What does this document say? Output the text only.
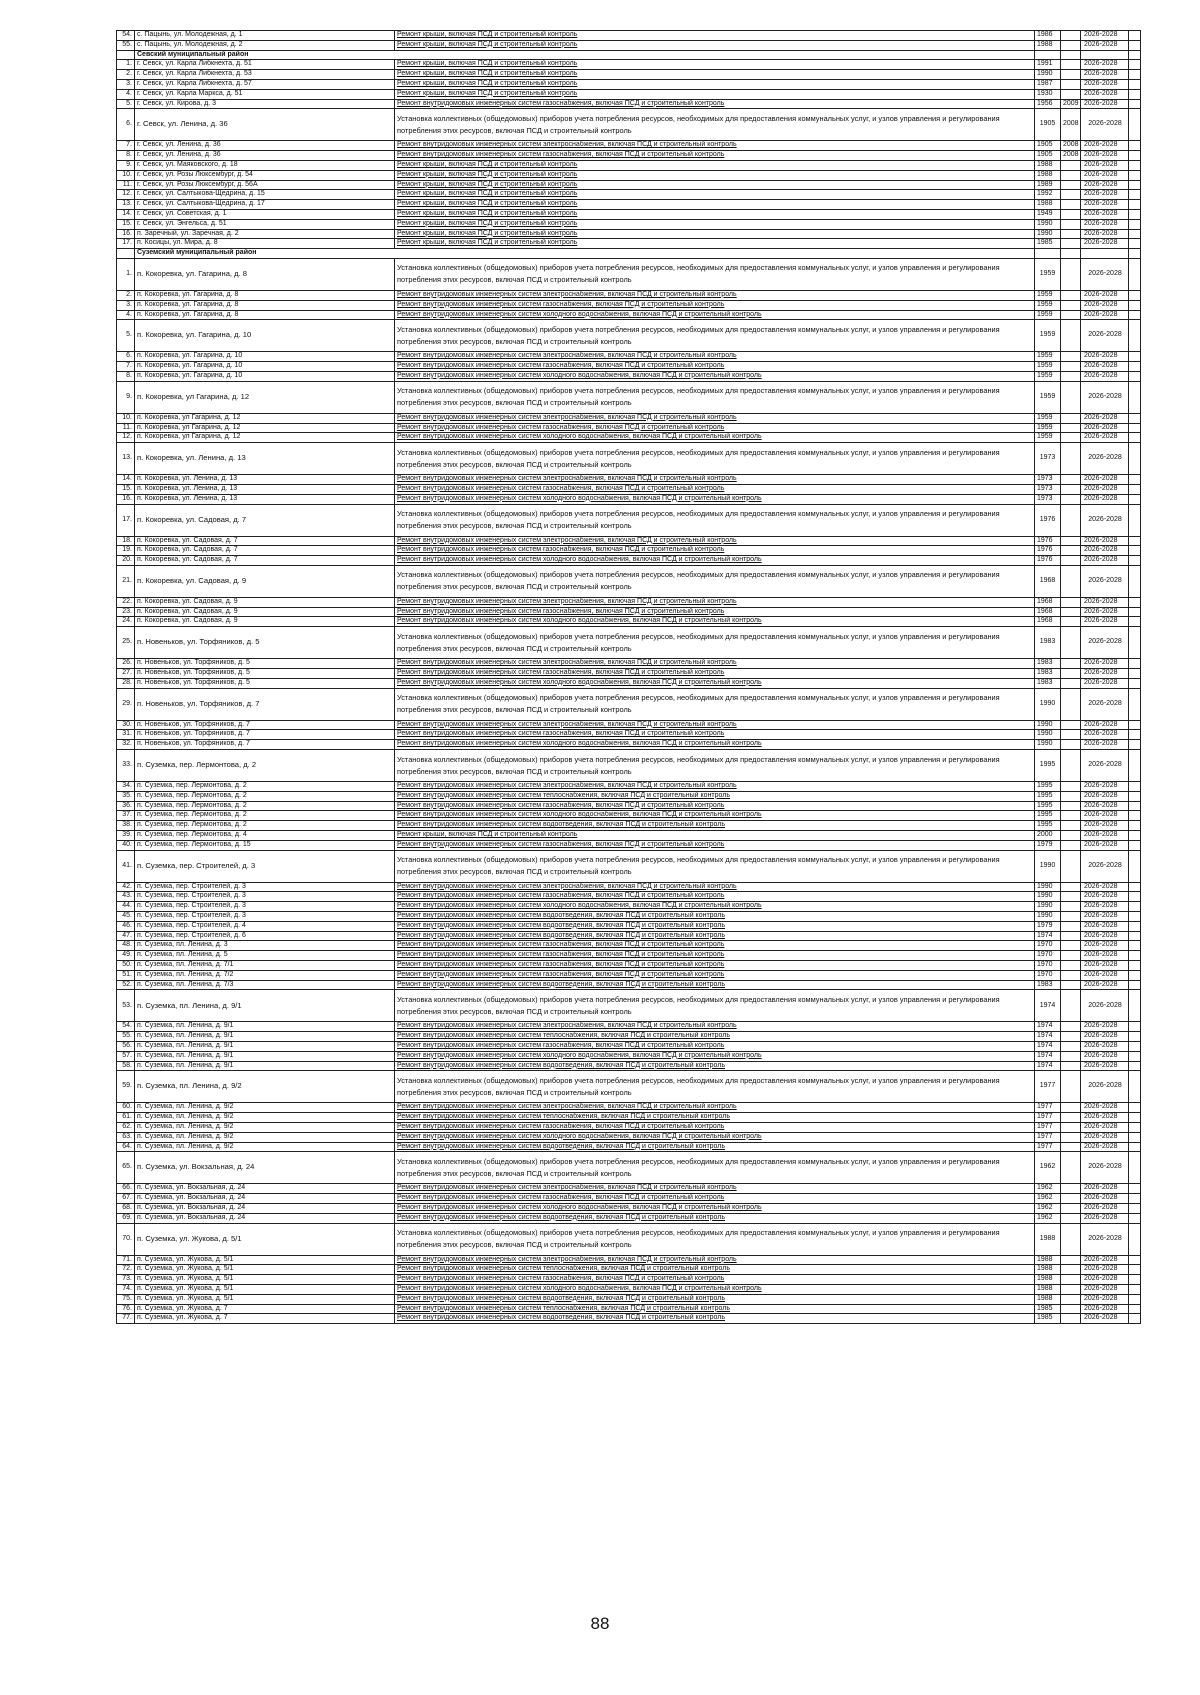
54.	с. Пацынь, ул. Молодежная, д. 1	Ремонт крыши, включая ПСД и строительный контроль	1986		2026-2028	
55.	с. Пацынь, ул. Молодежная, д. 2	Ремонт крыши, включая ПСД и строительный контроль	1988		2026-2028	
	Севский муниципальный район					
1.	г. Севск, ул. Карла Либкнехта, д. 51	Ремонт крыши, включая ПСД и строительный контроль	1991		2026-2028	
2.	г. Севск, ул. Карла Либкнехта, д. 53	Ремонт крыши, включая ПСД и строительный контроль	1990		2026-2028	
3.	г. Севск, ул. Карла Либкнехта, д. 57	Ремонт крыши, включая ПСД и строительный контроль	1987		2026-2028	
4.	г. Севск, ул. Карла Маркса, д. 51	Ремонт крыши, включая ПСД и строительный контроль	1930		2026-2028	
5.	г. Севск, ул. Кирова, д. 3	Ремонт внутридомовых инженерных систем газоснабжения, включая ПСД и строительный контроль	1956	2009	2026-2028	
6.	г. Севск, ул. Ленина, д. 36	Установка коллективных (общедомовых) приборов учета потребления ресурсов, необходимых для предоставления коммунальных услуг, и узлов управления и регулирования потребления этих ресурсов, включая ПСД и строительный контроль	1905	2008	2026-2028	
7.	г. Севск, ул. Ленина, д. 36	Ремонт внутридомовых инженерных систем электроснабжения, включая ПСД и строительный контроль	1905	2008	2026-2028	
8.	г. Севск, ул. Ленина, д. 36	Ремонт внутридомовых инженерных систем газоснабжения, включая ПСД и строительный контроль	1905	2008	2026-2028	
9.	г. Севск, ул. Маяковского, д. 18	Ремонт крыши, включая ПСД и строительный контроль	1988		2026-2028	
10.	г. Севск, ул. Розы Люксембург, д. 54	Ремонт крыши, включая ПСД и строительный контроль	1988		2026-2028	
11.	г. Севск, ул. Розы Люксембург, д. 56А	Ремонт крыши, включая ПСД и строительный контроль	1989		2026-2028	
12.	г. Севск, ул. Салтыкова-Щедрина, д. 15	Ремонт крыши, включая ПСД и строительный контроль	1992		2026-2028	
13.	г. Севск, ул. Салтыкова-Щедрина, д. 17	Ремонт крыши, включая ПСД и строительный контроль	1988		2026-2028	
14.	г. Севск, ул. Советская, д. 1	Ремонт крыши, включая ПСД и строительный контроль	1949		2026-2028	
15.	г. Севск, ул. Энгельса, д. 51	Ремонт крыши, включая ПСД и строительный контроль	1990		2026-2028	
16.	п. Заречный, ул. Заречная, д. 2	Ремонт крыши, включая ПСД и строительный контроль	1990		2026-2028	
17.	п. Косицы, ул. Мира, д. 8	Ремонт крыши, включая ПСД и строительный контроль	1985		2026-2028	
	Суземский муниципальный район					
1.	п. Кокоревка, ул. Гагарина, д. 8	Установка коллективных (общедомовых) приборов учета потребления ресурсов, необходимых для предоставления коммунальных услуг, и узлов управления и регулирования потребления этих ресурсов, включая ПСД и строительный контроль	1959		2026-2028	
2.	п. Кокоревка, ул. Гагарина, д. 8	Ремонт внутридомовых инженерных систем электроснабжения, включая ПСД и строительный контроль	1959		2026-2028	
3.	п. Кокоревка, ул. Гагарина, д. 8	Ремонт внутридомовых инженерных систем газоснабжения, включая ПСД и строительный контроль	1959		2026-2028	
4.	п. Кокоревка, ул. Гагарина, д. 8	Ремонт внутридомовых инженерных систем холодного водоснабжения, включая ПСД и строительный контроль	1959		2026-2028	
5.	п. Кокоревка, ул. Гагарина, д. 10	Установка коллективных (общедомовых) приборов учета потребления ресурсов, необходимых для предоставления коммунальных услуг, и узлов управления и регулирования потребления этих ресурсов, включая ПСД и строительный контроль	1959		2026-2028	
6.	п. Кокоревка, ул. Гагарина, д. 10	Ремонт внутридомовых инженерных систем электроснабжения, включая ПСД и строительный контроль	1959		2026-2028	
7.	п. Кокоревка, ул. Гагарина, д. 10	Ремонт внутридомовых инженерных систем газоснабжения, включая ПСД и строительный контроль	1959		2026-2028	
8.	п. Кокоревка, ул. Гагарина, д. 10	Ремонт внутридомовых инженерных систем холодного водоснабжения, включая ПСД и строительный контроль	1959		2026-2028	
9.	п. Кокоревка, ул Гагарина, д. 12	Установка коллективных (общедомовых) приборов учета потребления ресурсов, необходимых для предоставления коммунальных услуг, и узлов управления и регулирования потребления этих ресурсов, включая ПСД и строительный контроль	1959		2026-2028	
10.	п. Кокоревка, ул Гагарина, д. 12	Ремонт внутридомовых инженерных систем электроснабжения, включая ПСД и строительный контроль	1959		2026-2028	
11.	п. Кокоревка, ул Гагарина, д. 12	Ремонт внутридомовых инженерных систем газоснабжения, включая ПСД и строительный контроль	1959		2026-2028	
12.	п. Кокоревка, ул Гагарина, д. 12	Ремонт внутридомовых инженерных систем холодного водоснабжения, включая ПСД и строительный контроль	1959		2026-2028	
13.	п. Кокоревка, ул. Ленина, д. 13	Установка коллективных (общедомовых) приборов учета потребления ресурсов, необходимых для предоставления коммунальных услуг, и узлов управления и регулирования потребления этих ресурсов, включая ПСД и строительный контроль	1973		2026-2028	
14.	п. Кокоревка, ул. Ленина, д. 13	Ремонт внутридомовых инженерных систем электроснабжения, включая ПСД и строительный контроль	1973		2026-2028	
15.	п. Кокоревка, ул. Ленина, д. 13	Ремонт внутридомовых инженерных систем газоснабжения, включая ПСД и строительный контроль	1973		2026-2028	
16.	п. Кокоревка, ул. Ленина, д. 13	Ремонт внутридомовых инженерных систем холодного водоснабжения, включая ПСД и строительный контроль	1973		2026-2028	
17.	п. Кокоревка, ул. Садовая, д. 7	Установка коллективных (общедомовых) приборов учета потребления ресурсов, необходимых для предоставления коммунальных услуг, и узлов управления и регулирования потребления этих ресурсов, включая ПСД и строительный контроль	1976		2026-2028	
18.	п. Кокоревка, ул. Садовая, д. 7	Ремонт внутридомовых инженерных систем электроснабжения, включая ПСД и строительный контроль	1976		2026-2028	
19.	п. Кокоревка, ул. Садовая, д. 7	Ремонт внутридомовых инженерных систем газоснабжения, включая ПСД и строительный контроль	1976		2026-2028	
20.	п. Кокоревка, ул. Садовая, д. 7	Ремонт внутридомовых инженерных систем холодного водоснабжения, включая ПСД и строительный контроль	1976		2026-2028	
21.	п. Кокоревка, ул. Садовая, д. 9	Установка коллективных (общедомовых) приборов учета потребления ресурсов, необходимых для предоставления коммунальных услуг, и узлов управления и регулирования потребления этих ресурсов, включая ПСД и строительный контроль	1968		2026-2028	
22.	п. Кокоревка, ул. Садовая, д. 9	Ремонт внутридомовых инженерных систем электроснабжения, включая ПСД и строительный контроль	1968		2026-2028	
23.	п. Кокоревка, ул. Садовая, д. 9	Ремонт внутридомовых инженерных систем газоснабжения, включая ПСД и строительный контроль	1968		2026-2028	
24.	п. Кокоревка, ул. Садовая, д. 9	Ремонт внутридомовых инженерных систем холодного водоснабжения, включая ПСД и строительный контроль	1968		2026-2028	
25.	п. Новеньков, ул. Торфяников, д. 5	Установка коллективных (общедомовых) приборов учета потребления ресурсов, необходимых для предоставления коммунальных услуг, и узлов управления и регулирования потребления этих ресурсов, включая ПСД и строительный контроль	1983		2026-2028	
26.	п. Новеньков, ул. Торфяников, д. 5	Ремонт внутридомовых инженерных систем электроснабжения, включая ПСД и строительный контроль	1983		2026-2028	
27.	п. Новеньков, ул. Торфяников, д. 5	Ремонт внутридомовых инженерных систем газоснабжения, включая ПСД и строительный контроль	1983		2026-2028	
28.	п. Новеньков, ул. Торфяников, д. 5	Ремонт внутридомовых инженерных систем холодного водоснабжения, включая ПСД и строительный контроль	1983		2026-2028	
29.	п. Новеньков, ул. Торфяников, д. 7	Установка коллективных (общедомовых) приборов учета потребления ресурсов, необходимых для предоставления коммунальных услуг, и узлов управления и регулирования потребления этих ресурсов, включая ПСД и строительный контроль	1990		2026-2028	
30.	п. Новеньков, ул. Торфяников, д. 7	Ремонт внутридомовых инженерных систем электроснабжения, включая ПСД и строительный контроль	1990		2026-2028	
31.	п. Новеньков, ул. Торфяников, д. 7	Ремонт внутридомовых инженерных систем газоснабжения, включая ПСД и строительный контроль	1990		2026-2028	
32.	п. Новеньков, ул. Торфяников, д. 7	Ремонт внутридомовых инженерных систем холодного водоснабжения, включая ПСД и строительный контроль	1990		2026-2028	
33.	п. Суземка, пер. Лермонтова, д. 2	Установка коллективных (общедомовых) приборов учета потребления ресурсов, необходимых для предоставления коммунальных услуг, и узлов управления и регулирования потребления этих ресурсов, включая ПСД и строительный контроль	1995		2026-2028	
34.	п. Суземка, пер. Лермонтова, д. 2	Ремонт внутридомовых инженерных систем электроснабжения, включая ПСД и строительный контроль	1995		2026-2028	
35.	п. Суземка, пер. Лермонтова, д. 2	Ремонт внутридомовых инженерных систем теплоснабжения, включая ПСД и строительный контроль	1995		2026-2028	
36.	п. Суземка, пер. Лермонтова, д. 2	Ремонт внутридомовых инженерных систем газоснабжения, включая ПСД и строительный контроль	1995		2026-2028	
37.	п. Суземка, пер. Лермонтова, д. 2	Ремонт внутридомовых инженерных систем холодного водоснабжения, включая ПСД и строительный контроль	1995		2026-2028	
38.	п. Суземка, пер. Лермонтова, д. 2	Ремонт внутридомовых инженерных систем водоотведения, включая ПСД и строительный контроль	1995		2026-2028	
39.	п. Суземка, пер. Лермонтова, д. 4	Ремонт крыши, включая ПСД и строительный контроль	2000		2026-2028	
40.	п. Суземка, пер. Лермонтова, д. 15	Ремонт внутридомовых инженерных систем газоснабжения, включая ПСД и строительный контроль	1979		2026-2028	
41.	п. Суземка, пер. Строителей, д. 3	Установка коллективных (общедомовых) приборов учета потребления ресурсов, необходимых для предоставления коммунальных услуг, и узлов управления и регулирования потребления этих ресурсов, включая ПСД и строительный контроль	1990		2026-2028	
42.	п. Суземка, пер. Строителей, д. 3	Ремонт внутридомовых инженерных систем электроснабжения, включая ПСД и строительный контроль	1990		2026-2028	
43.	п. Суземка, пер. Строителей, д. 3	Ремонт внутридомовых инженерных систем газоснабжения, включая ПСД и строительный контроль	1990		2026-2028	
44.	п. Суземка, пер. Строителей, д. 3	Ремонт внутридомовых инженерных систем холодного водоснабжения, включая ПСД и строительный контроль	1990		2026-2028	
45.	п. Суземка, пер. Строителей, д. 3	Ремонт внутридомовых инженерных систем водоотведения, включая ПСД и строительный контроль	1990		2026-2028	
46.	п. Суземка, пер. Строителей, д. 4	Ремонт внутридомовых инженерных систем водоотведения, включая ПСД и строительный контроль	1979		2026-2028	
47.	п. Суземка, пер. Строителей, д. 6	Ремонт внутридомовых инженерных систем водоотведения, включая ПСД и строительный контроль	1974		2026-2028	
48.	п. Суземка, пл. Ленина, д. 3	Ремонт внутридомовых инженерных систем газоснабжения, включая ПСД и строительный контроль	1970		2026-2028	
49.	п. Суземка, пл. Ленина, д. 5	Ремонт внутридомовых инженерных систем газоснабжения, включая ПСД и строительный контроль	1970		2026-2028	
50.	п. Суземка, пл. Ленина, д. 7/1	Ремонт внутридомовых инженерных систем газоснабжения, включая ПСД и строительный контроль	1970		2026-2028	
51.	п. Суземка, пл. Ленина, д. 7/2	Ремонт внутридомовых инженерных систем газоснабжения, включая ПСД и строительный контроль	1970		2026-2028	
52.	п. Суземка, пл. Ленина, д. 7/3	Ремонт внутридомовых инженерных систем водоотведения, включая ПСД и строительный контроль	1983		2026-2028	
53.	п. Суземка, пл. Ленина, д. 9/1	Установка коллективных (общедомовых) приборов учета потребления ресурсов, необходимых для предоставления коммунальных услуг, и узлов управления и регулирования потребления этих ресурсов, включая ПСД и строительный контроль	1974		2026-2028	
54.	п. Суземка, пл. Ленина, д. 9/1	Ремонт внутридомовых инженерных систем электроснабжения, включая ПСД и строительный контроль	1974		2026-2028	
55.	п. Суземка, пл. Ленина, д. 9/1	Ремонт внутридомовых инженерных систем теплоснабжения, включая ПСД и строительный контроль	1974		2026-2028	
56.	п. Суземка, пл. Ленина, д. 9/1	Ремонт внутридомовых инженерных систем газоснабжения, включая ПСД и строительный контроль	1974		2026-2028	
57.	п. Суземка, пл. Ленина, д. 9/1	Ремонт внутридомовых инженерных систем холодного водоснабжения, включая ПСД и строительный контроль	1974		2026-2028	
58.	п. Суземка, пл. Ленина, д. 9/1	Ремонт внутридомовых инженерных систем водоотведения, включая ПСД и строительный контроль	1974		2026-2028	
59.	п. Суземка, пл. Ленина, д. 9/2	Установка коллективных (общедомовых) приборов учета потребления ресурсов, необходимых для предоставления коммунальных услуг, и узлов управления и регулирования потребления этих ресурсов, включая ПСД и строительный контроль	1977		2026-2028	
60.	п. Суземка, пл. Ленина, д. 9/2	Ремонт внутридомовых инженерных систем электроснабжения, включая ПСД и строительный контроль	1977		2026-2028	
61.	п. Суземка, пл. Ленина, д. 9/2	Ремонт внутридомовых инженерных систем теплоснабжения, включая ПСД и строительный контроль	1977		2026-2028	
62.	п. Суземка, пл. Ленина, д. 9/2	Ремонт внутридомовых инженерных систем газоснабжения, включая ПСД и строительный контроль	1977		2026-2028	
63.	п. Суземка, пл. Ленина, д. 9/2	Ремонт внутридомовых инженерных систем холодного водоснабжения, включая ПСД и строительный контроль	1977		2026-2028	
64.	п. Суземка, пл. Ленина, д. 9/2	Ремонт внутридомовых инженерных систем водоотведения, включая ПСД и строительный контроль	1977		2026-2028	
65.	п. Суземка, ул. Вокзальная, д. 24	Установка коллективных (общедомовых) приборов учета потребления ресурсов, необходимых для предоставления коммунальных услуг, и узлов управления и регулирования потребления этих ресурсов, включая ПСД и строительный контроль	1962		2026-2028	
66.	п. Суземка, ул. Вокзальная, д. 24	Ремонт внутридомовых инженерных систем электроснабжения, включая ПСД и строительный контроль	1962		2026-2028	
67.	п. Суземка, ул. Вокзальная, д. 24	Ремонт внутридомовых инженерных систем газоснабжения, включая ПСД и строительный контроль	1962		2026-2028	
68.	п. Суземка, ул. Вокзальная, д. 24	Ремонт внутридомовых инженерных систем холодного водоснабжения, включая ПСД и строительный контроль	1962		2026-2028	
69.	п. Суземка, ул. Вокзальная, д. 24	Ремонт внутридомовых инженерных систем водоотведения, включая ПСД и строительный контроль	1962		2026-2028	
70.	п. Суземка, ул. Жукова, д. 5/1	Установка коллективных (общедомовых) приборов учета потребления ресурсов, необходимых для предоставления коммунальных услуг, и узлов управления и регулирования потребления этих ресурсов, включая ПСД и строительный контроль	1988		2026-2028	
71.	п. Суземка, ул. Жукова, д. 5/1	Ремонт внутридомовых инженерных систем электроснабжения, включая ПСД и строительный контроль	1988		2026-2028	
72.	п. Суземка, ул. Жукова, д. 5/1	Ремонт внутридомовых инженерных систем теплоснабжения, включая ПСД и строительный контроль	1988		2026-2028	
73.	п. Суземка, ул. Жукова, д. 5/1	Ремонт внутридомовых инженерных систем газоснабжения, включая ПСД и строительный контроль	1988		2026-2028	
74.	п. Суземка, ул. Жукова, д. 5/1	Ремонт внутридомовых инженерных систем холодного водоснабжения, включая ПСД и строительный контроль	1988		2026-2028	
75.	п. Суземка, ул. Жукова, д. 5/1	Ремонт внутридомовых инженерных систем водоотведения, включая ПСД и строительный контроль	1988		2026-2028	
76.	п. Суземка, ул. Жукова, д. 7	Ремонт внутридомовых инженерных систем теплоснабжения, включая ПСД и строительный контроль	1985		2026-2028	
77.	п. Суземка, ул. Жукова, д. 7	Ремонт внутридомовых инженерных систем водоотведения, включая ПСД и строительный контроль	1985		2026-2028	
88
